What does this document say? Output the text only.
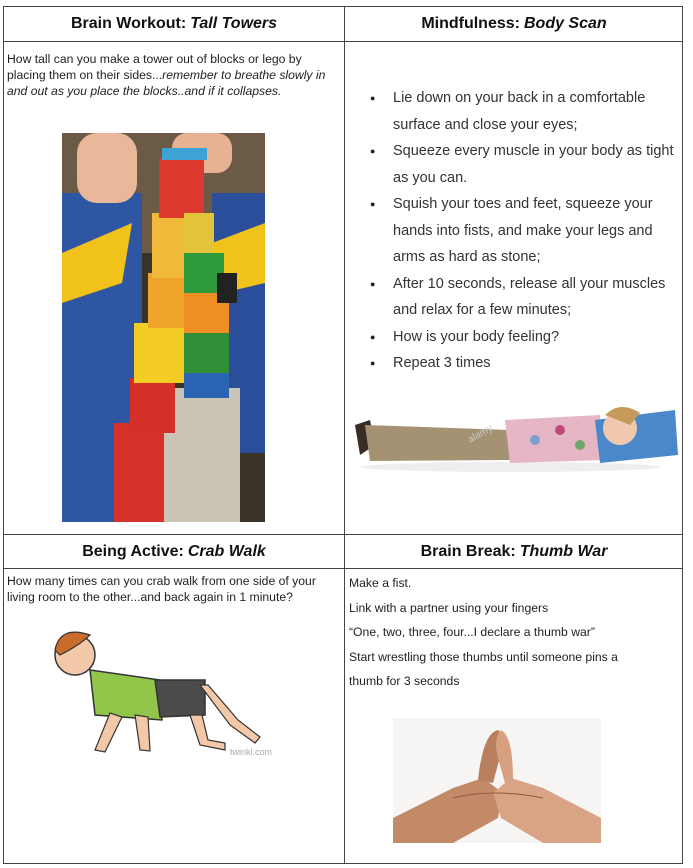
Brain Workout: Tall Towers	Mindfulness: Body Scan
Being Active: Crab Walk	Brain Break: Thumb War
How tall can you make a tower out of blocks or lego by placing them on their sides...remember to breathe slowly in and out as you place the blocks..and if it collapses.
●	Lie down on your back in a comfortable surface and close your eyes;
● Squeeze every muscle in your body as tight as you can.
● Squish your toes and feet, squeeze your hands into fists, and make your legs and arms as hard as stone;
● After 10 seconds, release all your muscles and relax for a few minutes;
● How is your body feeling?
● Repeat 3 times
alamy
How many times can you crab walk from one side of your living room to the other...and back again in 1 minute?
twinkl.com
Make a fist.
Link with a partner using your fingers
“One, two, three, four...I declare a thumb war”
Start wrestling those thumbs until someone pins a
thumb for 3 seconds
